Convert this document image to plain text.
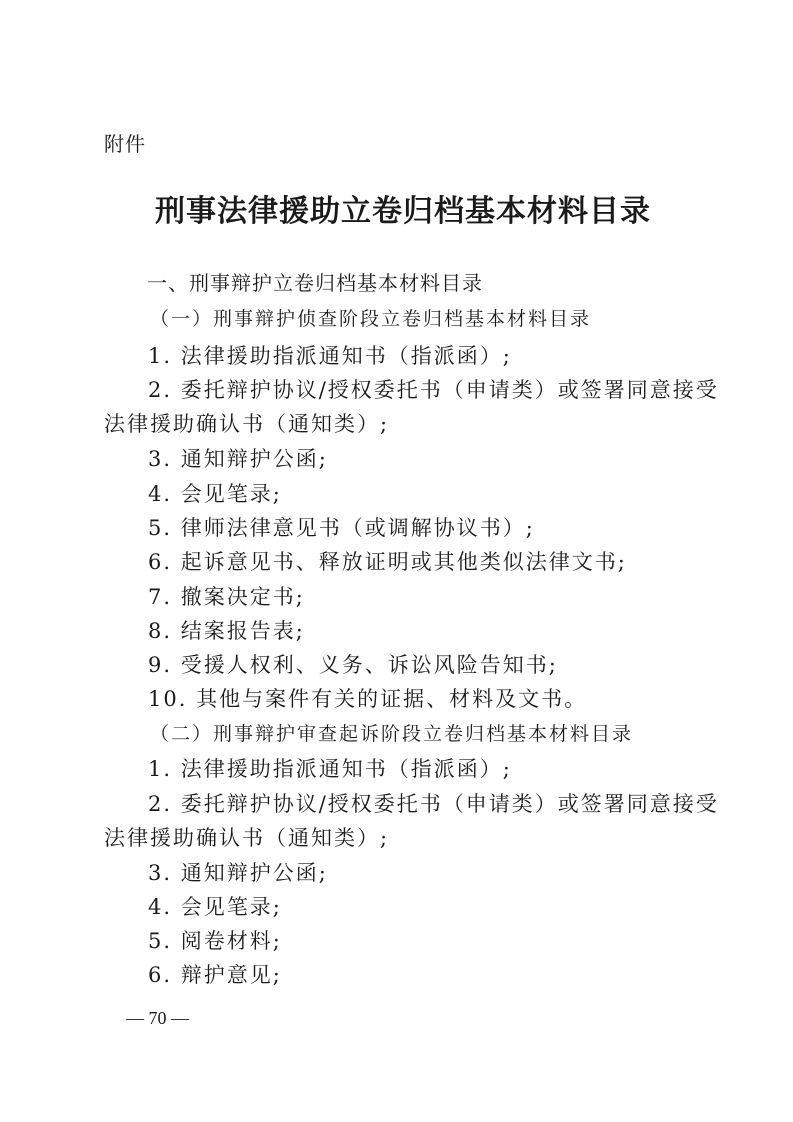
附件
刑事法律援助立卷归档基本材料目录
一、刑事辩护立卷归档基本材料目录
（一）刑事辩护侦查阶段立卷归档基本材料目录
1. 法律援助指派通知书（指派函）;
2. 委托辩护协议/授权委托书（申请类）或签署同意接受
法律援助确认书（通知类）;
3. 通知辩护公函;
4. 会见笔录;
5. 律师法律意见书（或调解协议书）;
6. 起诉意见书、释放证明或其他类似法律文书;
7. 撤案决定书;
8. 结案报告表;
9. 受援人权利、义务、诉讼风险告知书;
10. 其他与案件有关的证据、材料及文书。
（二）刑事辩护审查起诉阶段立卷归档基本材料目录
1. 法律援助指派通知书（指派函）;
2. 委托辩护协议/授权委托书（申请类）或签署同意接受
法律援助确认书（通知类）;
3. 通知辩护公函;
4. 会见笔录;
5. 阅卷材料;
6. 辩护意见;
— 70 —
